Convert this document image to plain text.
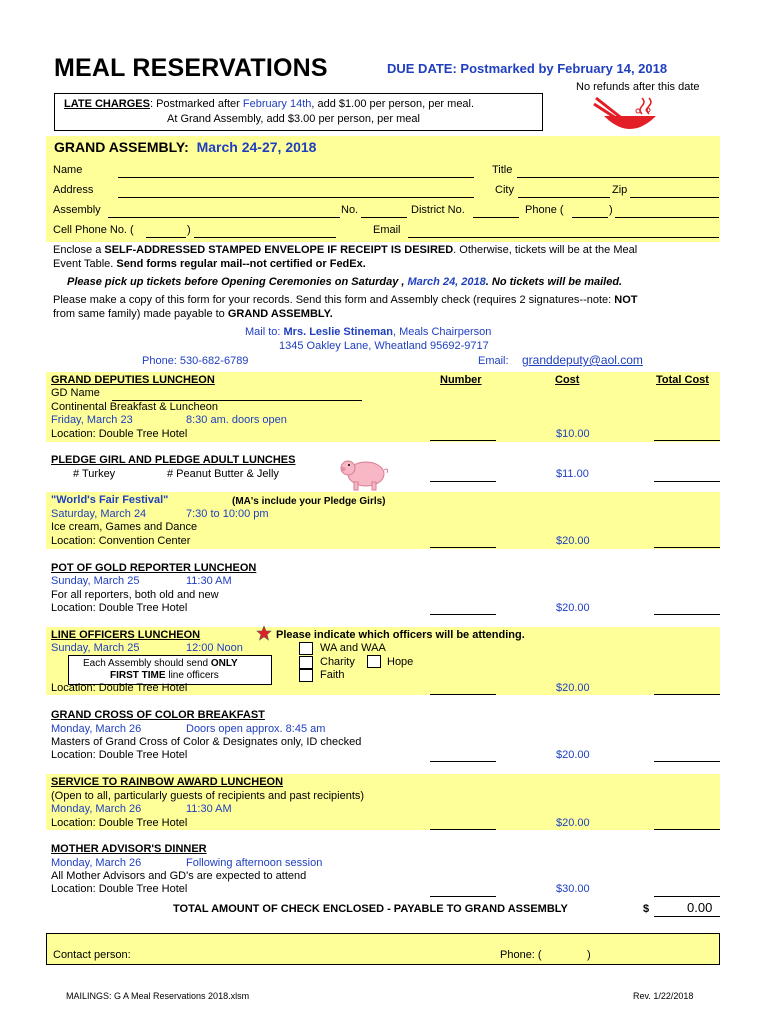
MEAL RESERVATIONS	DUE DATE: Postmarked by February 14, 2018
No refunds after this date
LATE CHARGES: Postmarked after February 14th, add $1.00 per person, per meal.
At Grand Assembly, add $3.00 per person, per meal
GRAND ASSEMBLY: March 24-27, 2018
Name	Title
Address	City	Zip
Assembly	No.	District No.	Phone (	)
Cell Phone No. (	)	Email
Enclose a SELF-ADDRESSED STAMPED ENVELOPE IF RECEIPT IS DESIRED. Otherwise, tickets will be at the Meal
Event Table. Send forms regular mail--not certified or FedEx.
Please pick up tickets before Opening Ceremonies on Saturday , March 24, 2018. No tickets will be mailed.
Please make a copy of this form for your records. Send this form and Assembly check (requires 2 signatures--note: NOT
from same family) made payable to GRAND ASSEMBLY.
Mail to: Mrs. Leslie Stineman, Meals Chairperson
1345 Oakley Lane, Wheatland 95692-9717
Phone: 530-682-6789	Email: granddeputy@aol.com
GRAND DEPUTIES LUNCHEON	Number	Cost	Total Cost
GD Name
Continental Breakfast & Luncheon
Friday, March 23	8:30 am. doors open
Location: Double Tree Hotel	$10.00
PLEDGE GIRL AND PLEDGE ADULT LUNCHES
# Turkey	# Peanut Butter & Jelly	$11.00
"World's Fair Festival"	(MA's include your Pledge Girls)
Saturday, March 24	7:30 to 10:00 pm
Ice cream, Games and Dance
Location: Convention Center	$20.00
POT OF GOLD REPORTER LUNCHEON
Sunday, March 25	11:30 AM
For all reporters, both old and new
Location: Double Tree Hotel	$20.00
LINE OFFICERS LUNCHEON	Please indicate which officers will be attending.
Sunday, March 25	12:00 Noon
Each Assembly should send ONLY
FIRST TIME line officers
WA and WAA
Charity	Hope
Faith
Location: Double Tree Hotel	$20.00
GRAND CROSS OF COLOR BREAKFAST
Monday, March 26	Doors open approx. 8:45 am
Masters of Grand Cross of Color & Designates only, ID checked
Location: Double Tree Hotel	$20.00
SERVICE TO RAINBOW AWARD LUNCHEON
(Open to all, particularly guests of recipients and past recipients)
Monday, March 26	11:30 AM
Location: Double Tree Hotel	$20.00
MOTHER ADVISOR'S DINNER
Monday, March 26	Following afternoon session
All Mother Advisors and GD's are expected to attend
Location: Double Tree Hotel	$30.00
TOTAL AMOUNT OF CHECK ENCLOSED - PAYABLE TO GRAND ASSEMBLY	$	0.00
Contact person:	Phone: (	)
MAILINGS: G A Meal Reservations 2018.xlsm	Rev. 1/22/2018
